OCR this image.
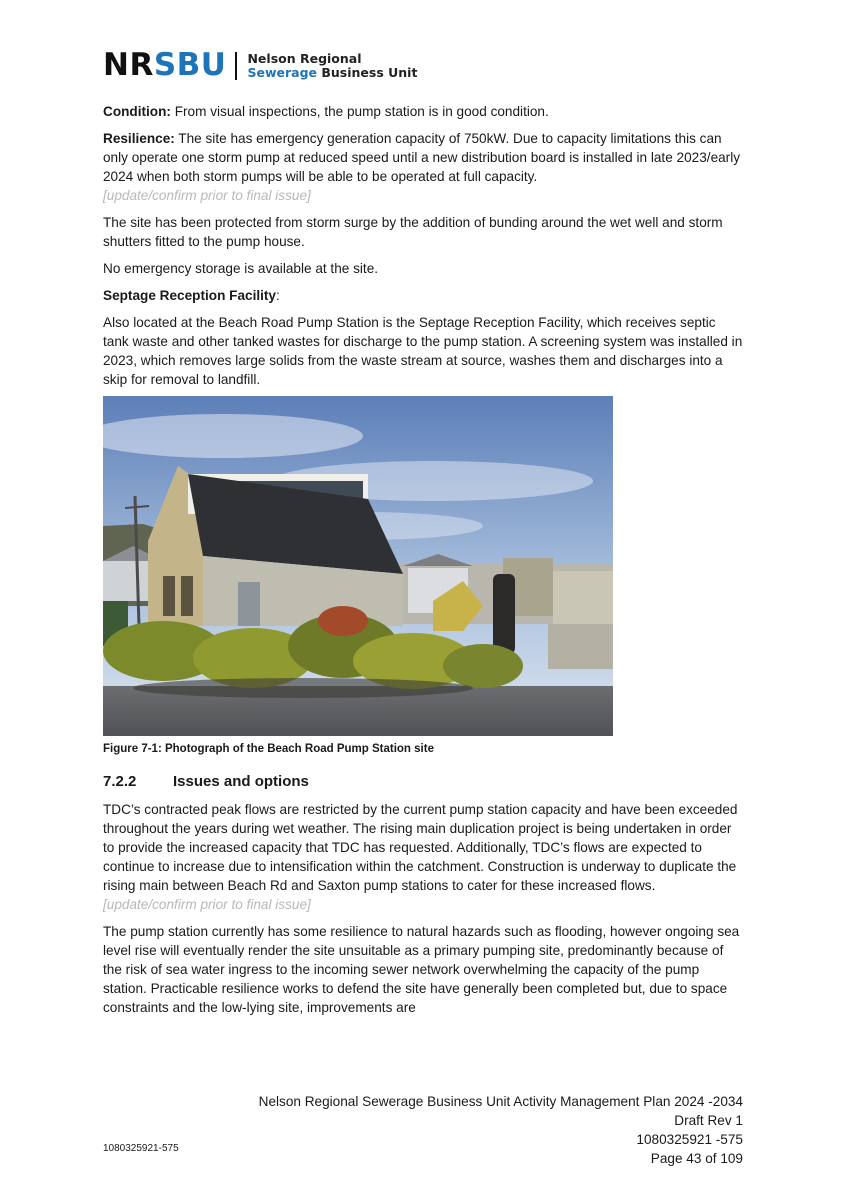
NRSBU Nelson Regional
Sewerage Business Unit

Condition: From visual inspections, the pump station is in good condition.

Resilience: The site has emergency generation capacity of 750kW. Due to capacity limitations this can only operate one storm pump at reduced speed until a new distribution board is installed in late 2023/early 2024 when both storm pumps will be able to be operated at full capacity.
[update/confirm prior to final issue]

The site has been protected from storm surge by the addition of bunding around the wet well and storm shutters fitted to the pump house.

No emergency storage is available at the site.

Septage Reception Facility:

Also located at the Beach Road Pump Station is the Septage Reception Facility, which receives septic tank waste and other tanked wastes for discharge to the pump station. A screening system was installed in 2023, which removes large solids from the waste stream at source, washes them and discharges into a skip for removal to landfill.

Figure 7-1: Photograph of the Beach Road Pump Station site
7.2.2	Issues and options

TDC’s contracted peak flows are restricted by the current pump station capacity and have been exceeded throughout the years during wet weather. The rising main duplication project is being undertaken in order to provide the increased capacity that TDC has requested. Additionally, TDC’s flows are expected to continue to increase due to intensification within the catchment. Construction is underway to duplicate the rising main between Beach Rd and Saxton pump stations to cater for these increased flows. [update/confirm prior to final issue]

The pump station currently has some resilience to natural hazards such as flooding, however ongoing sea level rise will eventually render the site unsuitable as a primary pumping site, predominantly because of the risk of sea water ingress to the incoming sewer network overwhelming the capacity of the pump station. Practicable resilience works to defend the site have generally been completed but, due to space constraints and the low-lying site, improvements are

Nelson Regional Sewerage Business Unit Activity Management Plan 2024 -2034
Draft Rev 1
1080325921 -575
Page 43 of 109
1080325921-575
